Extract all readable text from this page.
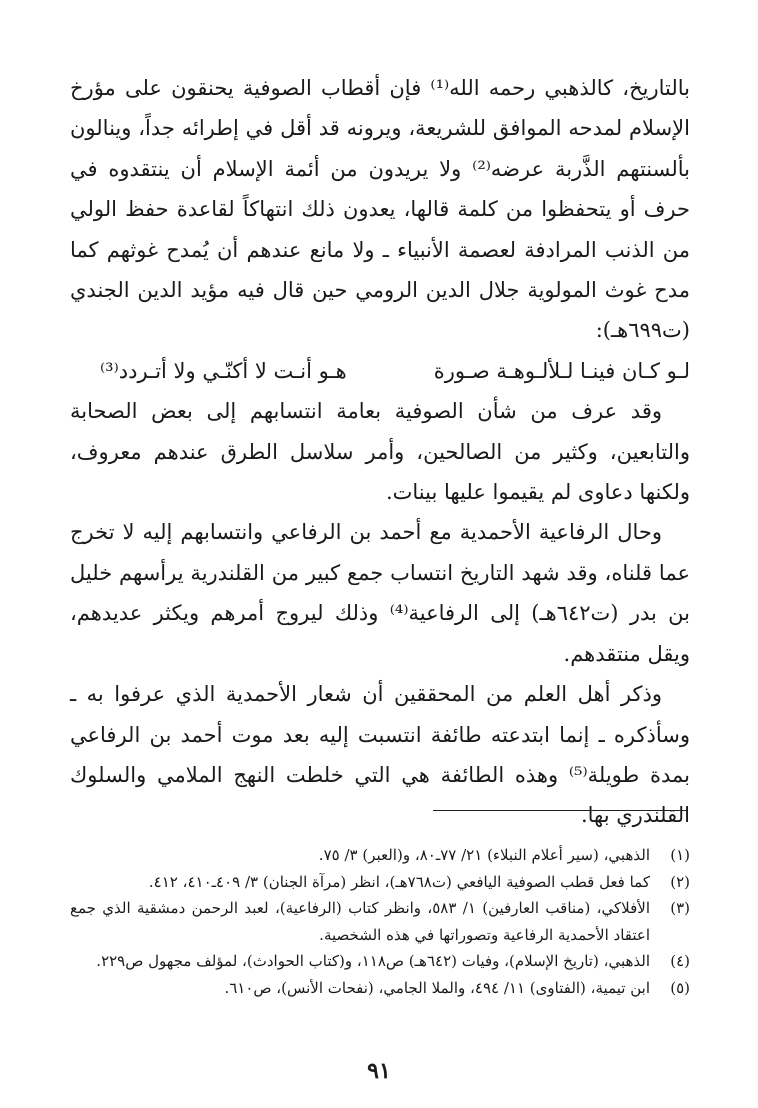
بالتاريخ، كالذهبي رحمه الله⁽¹⁾ فإن أقطاب الصوفية يحنقون على مؤرخ الإسلام لمدحه الموافق للشريعة، ويرونه قد أقل في إطرائه جداً، وينالون بألسنتهم الذَّربة عرضه⁽²⁾ ولا يريدون من أئمة الإسلام أن ينتقدوه في حرف أو يتحفظوا من كلمة قالها، يعدون ذلك انتهاكاً لقاعدة حفظ الولي من الذنب المرادفة لعصمة الأنبياء ـ ولا مانع عندهم أن يُمدح غوثهم كما مدح غوث المولوية جلال الدين الرومي حين قال فيه مؤيد الدين الجندي (ت٦٩٩هـ):

لـو كـان فينـا لـلألـوهـة صـورة
هـو أنـت لا أكنّـي ولا أتـردد⁽³⁾

وقد عرف من شأن الصوفية بعامة انتسابهم إلى بعض الصحابة والتابعين، وكثير من الصالحين، وأمر سلاسل الطرق عندهم معروف، ولكنها دعاوى لم يقيموا عليها بينات.

وحال الرفاعية الأحمدية مع أحمد بن الرفاعي وانتسابهم إليه لا تخرج عما قلناه، وقد شهد التاريخ انتساب جمع كبير من القلندرية يرأسهم خليل بن بدر (ت٦٤٢هـ) إلى الرفاعية⁽⁴⁾ وذلك ليروج أمرهم ويكثر عديدهم، ويقل منتقدهم.

وذكر أهل العلم من المحققين أن شعار الأحمدية الذي عرفوا به ـ وسأذكره ـ إنما ابتدعته طائفة انتسبت إليه بعد موت أحمد بن الرفاعي بمدة طويلة⁽⁵⁾ وهذه الطائفة هي التي خلطت النهج الملامي والسلوك القلندري بها.

(١)
الذهبي، (سير أعلام النبلاء) ٢١/ ٧٧ـ٨٠، و(العبر) ٣/ ٧٥.
(٢)
كما فعل قطب الصوفية اليافعي (ت٧٦٨هـ)، انظر (مرآة الجنان) ٣/ ٤٠٩ـ٤١٠، ٤١٢.
(٣)
الأفلاكي، (مناقب العارفين) ١/ ٥٨٣، وانظر كتاب (الرفاعية)، لعبد الرحمن دمشقية الذي جمع اعتقاد الأحمدية الرفاعية وتصوراتها في هذه الشخصية.
(٤)
الذهبي، (تاريخ الإسلام)، وفيات (٦٤٢هـ) ص١١٨، و(كتاب الحوادث)، لمؤلف مجهول ص٢٢٩.
(٥)
ابن تيمية، (الفتاوى) ١١/ ٤٩٤، والملا الجامي، (نفحات الأنس)، ص٦١٠.
٩١
